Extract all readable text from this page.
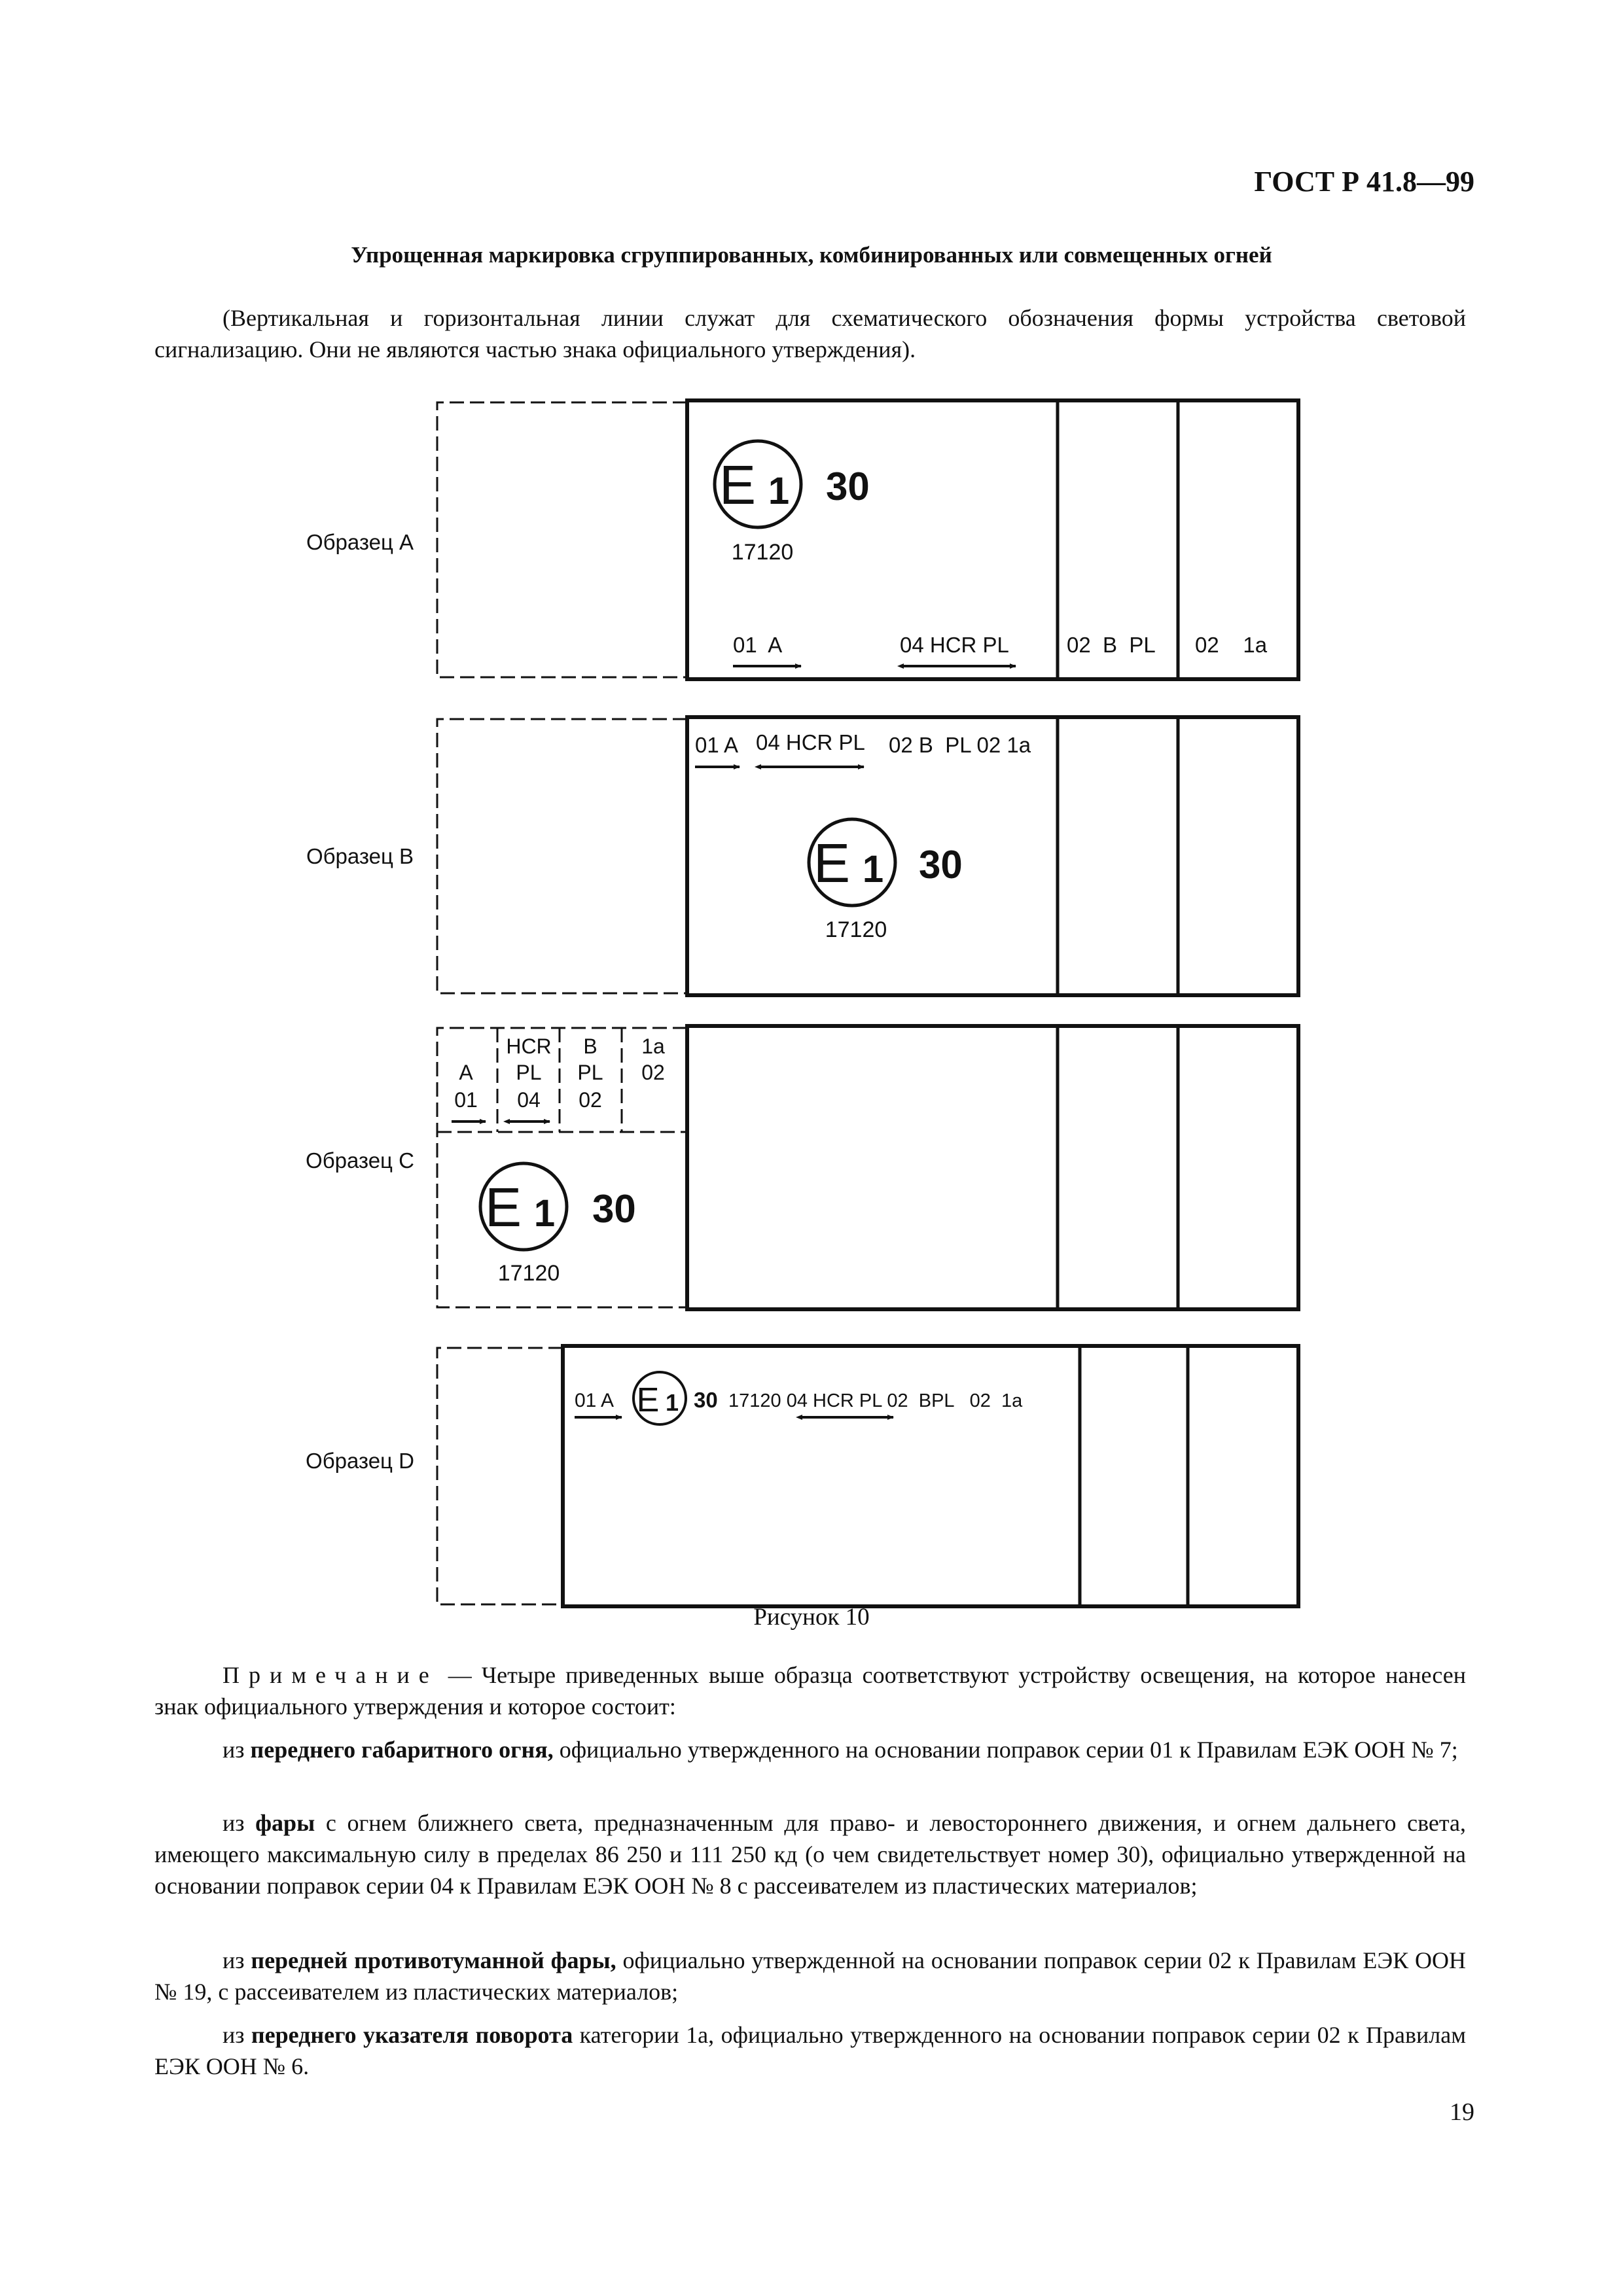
ГОСТ Р 41.8—99
Упрощенная маркировка сгруппированных, комбинированных или совмещенных огней
(Вертикальная и горизонтальная линии служат для схематического обозначения формы устройства световой сигнализацию. Они не являются частью знака официального утверждения).
Образец A
E 1 30
17120
01  A	04 HCR PL	02  B  PL 02    1a
Образец B
01 A 04 HCR PL 02 B  PL 02 1a
E 1 30
17120
Образец C
A
01
HCR
PL
04
B
PL
02
1a
02
E 1 30
17120
Образец D
01 A E 1 30 17120 04 HCR PL 02  BPL   02  1a
Рисунок 10
Примечание — Четыре приведенных выше образца соответствуют устройству освещения, на которое нанесен знак официального утверждения и которое состоит:
из переднего габаритного огня, официально утвержденного на основании поправок серии 01 к Правилам ЕЭК ООН № 7;
из фары с огнем ближнего света, предназначенным для право- и левостороннего движения, и огнем дальнего света, имеющего максимальную силу в пределах 86 250 и 111 250 кд (о чем свидетельствует номер 30), официально утвержденной на основании поправок серии 04 к Правилам ЕЭК ООН № 8 с рассеивателем из пластических материалов;
из передней противотуманной фары, официально утвержденной на основании поправок серии 02 к Правилам ЕЭК ООН № 19, с рассеивателем из пластических материалов;
из переднего указателя поворота категории 1а, официально утвержденного на основании поправок серии 02 к Правилам ЕЭК ООН № 6.
19
